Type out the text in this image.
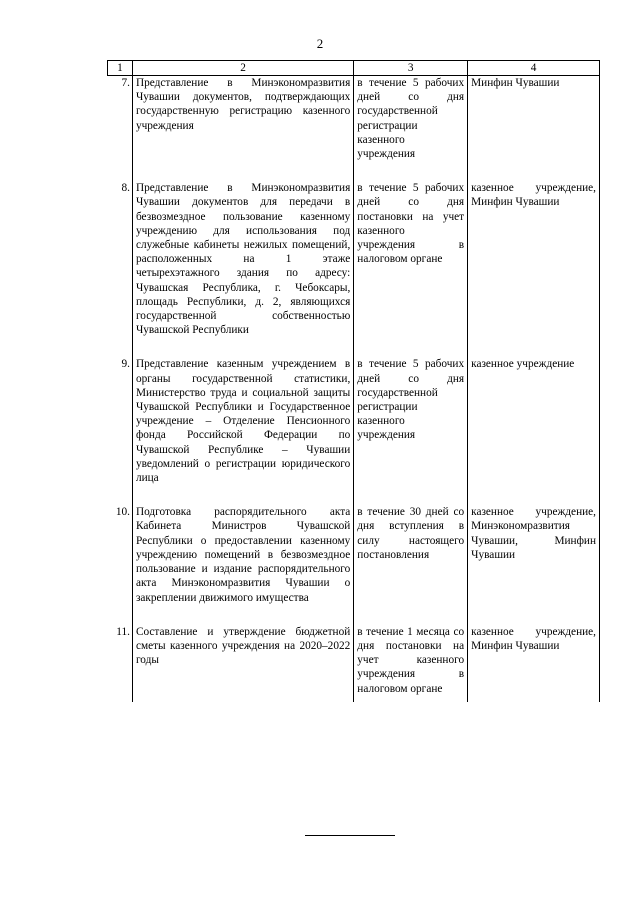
2
1	2	3	4
7.	Представление в Минэкономразвития Чувашии документов, подтверждающих государственную регистрацию казенного учреждения	в течение 5 рабочих дней со дня государственной регистрации казенного учреждения	Минфин Чувашии
8.	Представление в Минэкономразвития Чувашии документов для передачи в безвозмездное пользование казенному учреждению для использования под служебные кабинеты нежилых помещений, расположенных на 1 этаже четырехэтажного здания по адресу: Чувашская Республика, г. Чебоксары, площадь Республики, д. 2, являющихся государственной собственностью Чувашской Республики	в течение 5 рабочих дней со дня постановки на учет казенного учреждения в налоговом органе	казенное учреждение, Минфин Чувашии
9.	Представление казенным учреждением в органы государственной статистики, Министерство труда и социальной защиты Чувашской Республики и Государственное учреждение – Отделение Пенсионного фонда Российской Федерации по Чувашской Республике – Чувашии уведомлений о регистрации юридического лица	в течение 5 рабочих дней со дня государственной регистрации казенного учреждения	казенное учреждение
10.	Подготовка распорядительного акта Кабинета Министров Чувашской Республики о предоставлении казенному учреждению помещений в безвозмездное пользование и издание распорядительного акта Минэкономразвития Чувашии о закреплении движимого имущества	в течение 30 дней со дня вступления в силу настоящего постановления	казенное учреждение, Минэкономразвития Чувашии, Минфин Чувашии
11.	Составление и утверждение бюджетной сметы казенного учреждения на 2020–2022 годы	в течение 1 месяца со дня постановки на учет казенного учреждения в налоговом органе	казенное учреждение, Минфин Чувашии
